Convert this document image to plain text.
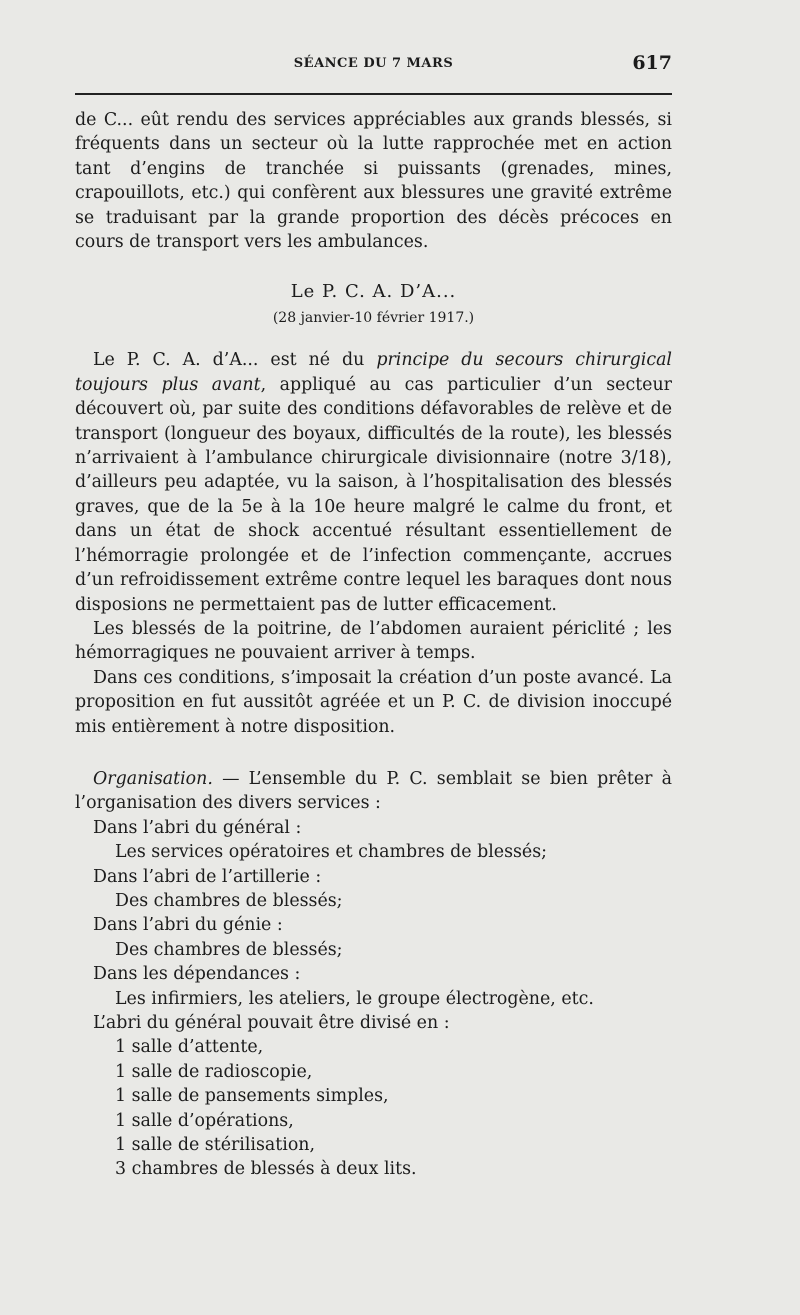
SÉANCE DU 7 MARS	617

de C... eût rendu des services appréciables aux grands blessés, si fréquents dans un secteur où la lutte rapprochée met en action tant d’engins de tranchée si puissants (grenades, mines, crapouillots, etc.) qui confèrent aux blessures une gravité extrême se traduisant par la grande proportion des décès précoces en cours de transport vers les ambulances.

Le P. C. A. D’A...

(28 janvier-10 février 1917.)

Le P. C. A. d’A... est né du principe du secours chirurgical toujours plus avant, appliqué au cas particulier d’un secteur découvert où, par suite des conditions défavorables de relève et de transport (longueur des boyaux, difficultés de la route), les blessés n’arrivaient à l’ambulance chirurgicale divisionnaire (notre 3/18), d’ailleurs peu adaptée, vu la saison, à l’hospitalisation des blessés graves, que de la 5e à la 10e heure malgré le calme du front, et dans un état de shock accentué résultant essentiellement de l’hémorragie prolongée et de l’infection commençante, accrues d’un refroidissement extrême contre lequel les baraques dont nous disposions ne permettaient pas de lutter efficacement.

Les blessés de la poitrine, de l’abdomen auraient périclité ; les hémorragiques ne pouvaient arriver à temps.

Dans ces conditions, s’imposait la création d’un poste avancé. La proposition en fut aussitôt agréée et un P. C. de division inoccupé mis entièrement à notre disposition.

Organisation. — L’ensemble du P. C. semblait se bien prêter à l’organisation des divers services :

Dans l’abri du général :

Les services opératoires et chambres de blessés;

Dans l’abri de l’artillerie :

Des chambres de blessés;

Dans l’abri du génie :

Des chambres de blessés;

Dans les dépendances :

Les infirmiers, les ateliers, le groupe électrogène, etc.

L’abri du général pouvait être divisé en :

1 salle d’attente,

1 salle de radioscopie,

1 salle de pansements simples,

1 salle d’opérations,

1 salle de stérilisation,

3 chambres de blessés à deux lits.
